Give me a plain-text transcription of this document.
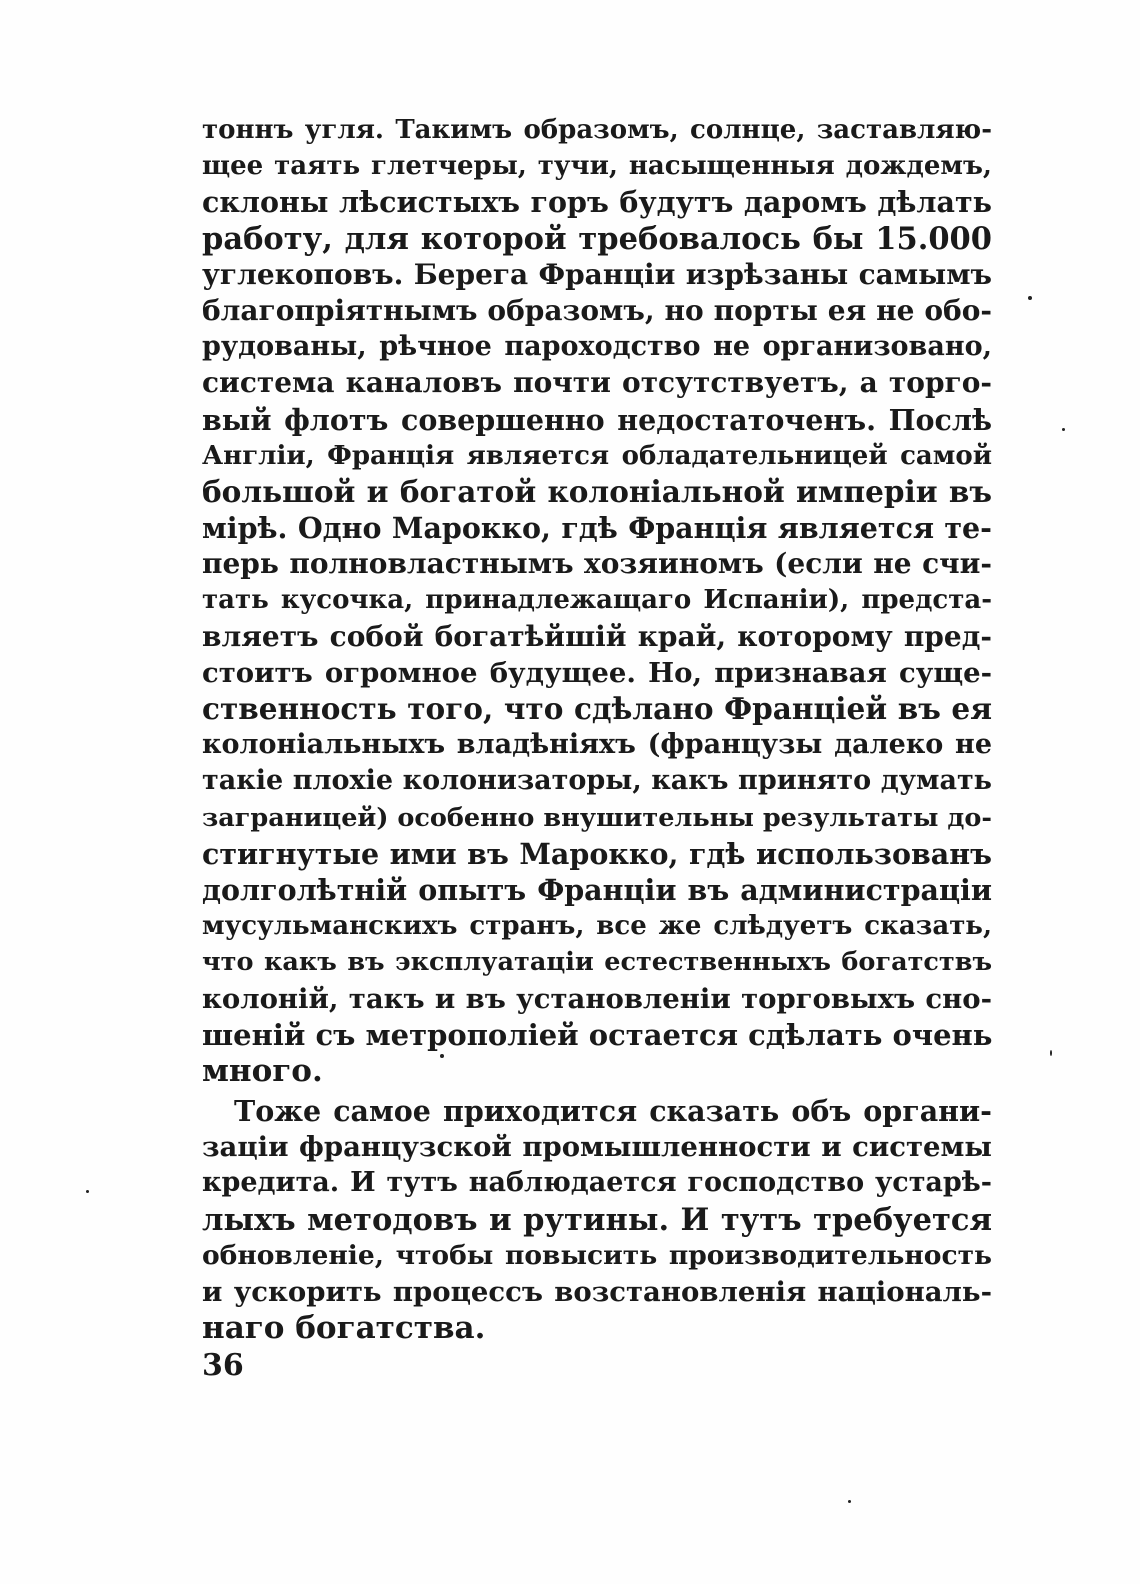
тоннъ угля. Такимъ образомъ, солнце, заставляю-
щее таять глетчеры, тучи, насыщенныя дождемъ,
склоны лѣсистыхъ горъ будутъ даромъ дѣлать
работу, для которой требовалось бы 15.000
углекоповъ. Берега Франціи изрѣзаны самымъ
благопріятнымъ образомъ, но порты ея не обо-
рудованы, рѣчное пароходство не организовано,
система каналовъ почти отсутствуетъ, а торго-
вый флотъ совершенно недостаточенъ. Послѣ
Англіи, Франція является обладательницей самой
большой и богатой колоніальной имперіи въ
мірѣ. Одно Марокко, гдѣ Франція является те-
перь полновластнымъ хозяиномъ (если не счи-
тать кусочка, принадлежащаго Испаніи), предста-
вляетъ собой богатѣйшій край, которому пред-
стоитъ огромное будущее. Но, признавая суще-
ственность того, что сдѣлано Франціей въ ея
колоніальныхъ владѣніяхъ (французы далеко не
такіе плохіе колонизаторы, какъ принято думать
заграницей) особенно внушительны результаты до-
стигнутые ими въ Марокко, гдѣ использованъ
долголѣтній опытъ Франціи въ администраціи
мусульманскихъ странъ, все же слѣдуетъ сказать,
что какъ въ эксплуатаціи естественныхъ богатствъ
колоній, такъ и въ установленіи торговыхъ сно-
шеній съ метрополіей остается сдѣлать очень
много.
Тоже самое приходится сказать объ органи-
заціи французской промышленности и системы
кредита. И тутъ наблюдается господство устарѣ-
лыхъ методовъ и рутины. И тутъ требуется
обновленіе, чтобы повысить производительность
и ускорить процессъ возстановленія національ-
наго богатства.
36
